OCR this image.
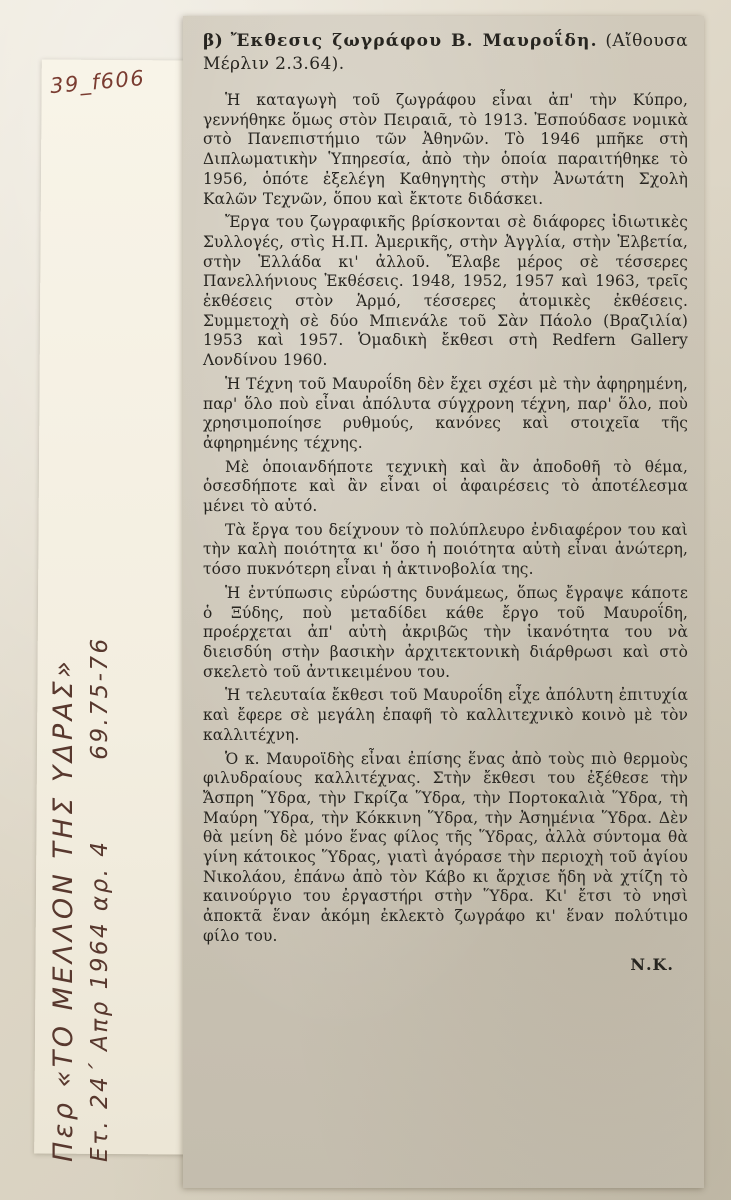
39_f606
Περ «ΤΟ ΜΕΛΛΟΝ ΤΗΣ ΥΔΡΑΣ» Ετ. 24΄ Απρ 1964 αρ. 4 69.75-76
β) Ἔκθεσις ζωγράφου Β. Μαυροΐδη. (Αἴθουσα Μέρλιν 2.3.64).

Ἡ καταγωγὴ τοῦ ζωγράφου εἶναι ἀπ' τὴν Κύπρο, γεννήθηκε ὅμως στὸν Πειραιᾶ, τὸ 1913. Ἐσπούδασε νομικὰ στὸ Πανεπιστήμιο τῶν Ἀθηνῶν. Τὸ 1946 μπῆκε στὴ Διπλωματικὴν Ὑπηρεσία, ἀπὸ τὴν ὁποία παραιτήθηκε τὸ 1956, ὁπότε ἐξελέγη Καθηγητὴς στὴν Ἀνωτάτη Σχολὴ Καλῶν Τεχνῶν, ὅπου καὶ ἔκτοτε διδάσκει.

Ἔργα του ζωγραφικῆς βρίσκονται σὲ διάφορες ἰδιωτικὲς Συλλογές, στὶς Η.Π. Ἀμερικῆς, στὴν Ἀγγλία, στὴν Ἑλβετία, στὴν Ἑλλάδα κι' ἀλλοῦ. Ἔλαβε μέρος σὲ τέσσερες Πανελλήνιους Ἐκθέσεις. 1948, 1952, 1957 καὶ 1963, τρεῖς ἐκθέσεις στὸν Ἁρμό, τέσσερες ἀτομικὲς ἐκθέσεις. Συμμετοχὴ σὲ δύο Μπιενάλε τοῦ Σὰν Πάολο (Βραζιλία) 1953 καὶ 1957. Ὁμαδικὴ ἔκθεσι στὴ Redfern Gallery Λονδίνου 1960.

Ἡ Τέχνη τοῦ Μαυροΐδη δὲν ἔχει σχέσι μὲ τὴν ἀφηρημένη, παρ' ὅλο ποὺ εἶναι ἀπόλυτα σύγχρονη τέχνη, παρ' ὅλο, ποὺ χρησιμοποίησε ρυθμούς, κανόνες καὶ στοιχεῖα τῆς ἀφηρημένης τέχνης.

Μὲ ὁποιανδήποτε τεχνικὴ καὶ ἂν ἀποδοθῆ τὸ θέμα, ὁσεσδήποτε καὶ ἂν εἶναι οἱ ἀφαιρέσεις τὸ ἀποτέλεσμα μένει τὸ αὐτό.

Τὰ ἔργα του δείχνουν τὸ πολύπλευρο ἐνδιαφέρον του καὶ τὴν καλὴ ποιότητα κι' ὅσο ἡ ποιότητα αὐτὴ εἶναι ἀνώτερη, τόσο πυκνότερη εἶναι ἡ ἀκτινοβολία της.

Ἡ ἐντύπωσις εὐρώστης δυνάμεως, ὅπως ἔγραψε κάποτε ὁ Ξύδης, ποὺ μεταδίδει κάθε ἔργο τοῦ Μαυροΐδη, προέρχεται ἀπ' αὐτὴ ἀκριβῶς τὴν ἱκανότητα του νὰ διεισδύη στὴν βασικὴν ἀρχιτεκτονικὴ διάρθρωσι καὶ στὸ σκελετὸ τοῦ ἀντικειμένου του.

Ἡ τελευταία ἔκθεσι τοῦ Μαυροΐδη εἶχε ἀπόλυτη ἐπιτυχία καὶ ἔφερε σὲ μεγάλη ἐπαφῆ τὸ καλλιτεχνικὸ κοινὸ μὲ τὸν καλλιτέχνη.

Ὁ κ. Μαυροϊδὴς εἶναι ἐπίσης ἕνας ἀπὸ τοὺς πιὸ θερμοὺς φιλυδραίους καλλιτέχνας. Στὴν ἔκθεσι του ἐξέθεσε τὴν Ἄσπρη Ὕδρα, τὴν Γκρίζα Ὕδρα, τὴν Πορτοκαλιὰ Ὕδρα, τὴ Μαύρη Ὕδρα, τὴν Κόκκινη Ὕδρα, τὴν Ἀσημένια Ὕδρα. Δὲν θὰ μείνη δὲ μόνο ἕνας φίλος τῆς Ὕδρας, ἀλλὰ σύντομα θὰ γίνη κάτοικος Ὕδρας, γιατὶ ἀγόρασε τὴν περιοχὴ τοῦ ἁγίου Νικολάου, ἐπάνω ἀπὸ τὸν Κάβο κι ἄρχισε ἤδη νὰ χτίζη τὸ καινούργιο του ἐργαστήρι στὴν Ὕδρα. Κι' ἔτσι τὸ νησὶ ἀποκτᾶ ἕναν ἀκόμη ἐκλεκτὸ ζωγράφο κι' ἕναν πολύτιμο φίλο του.

Ν.Κ.
